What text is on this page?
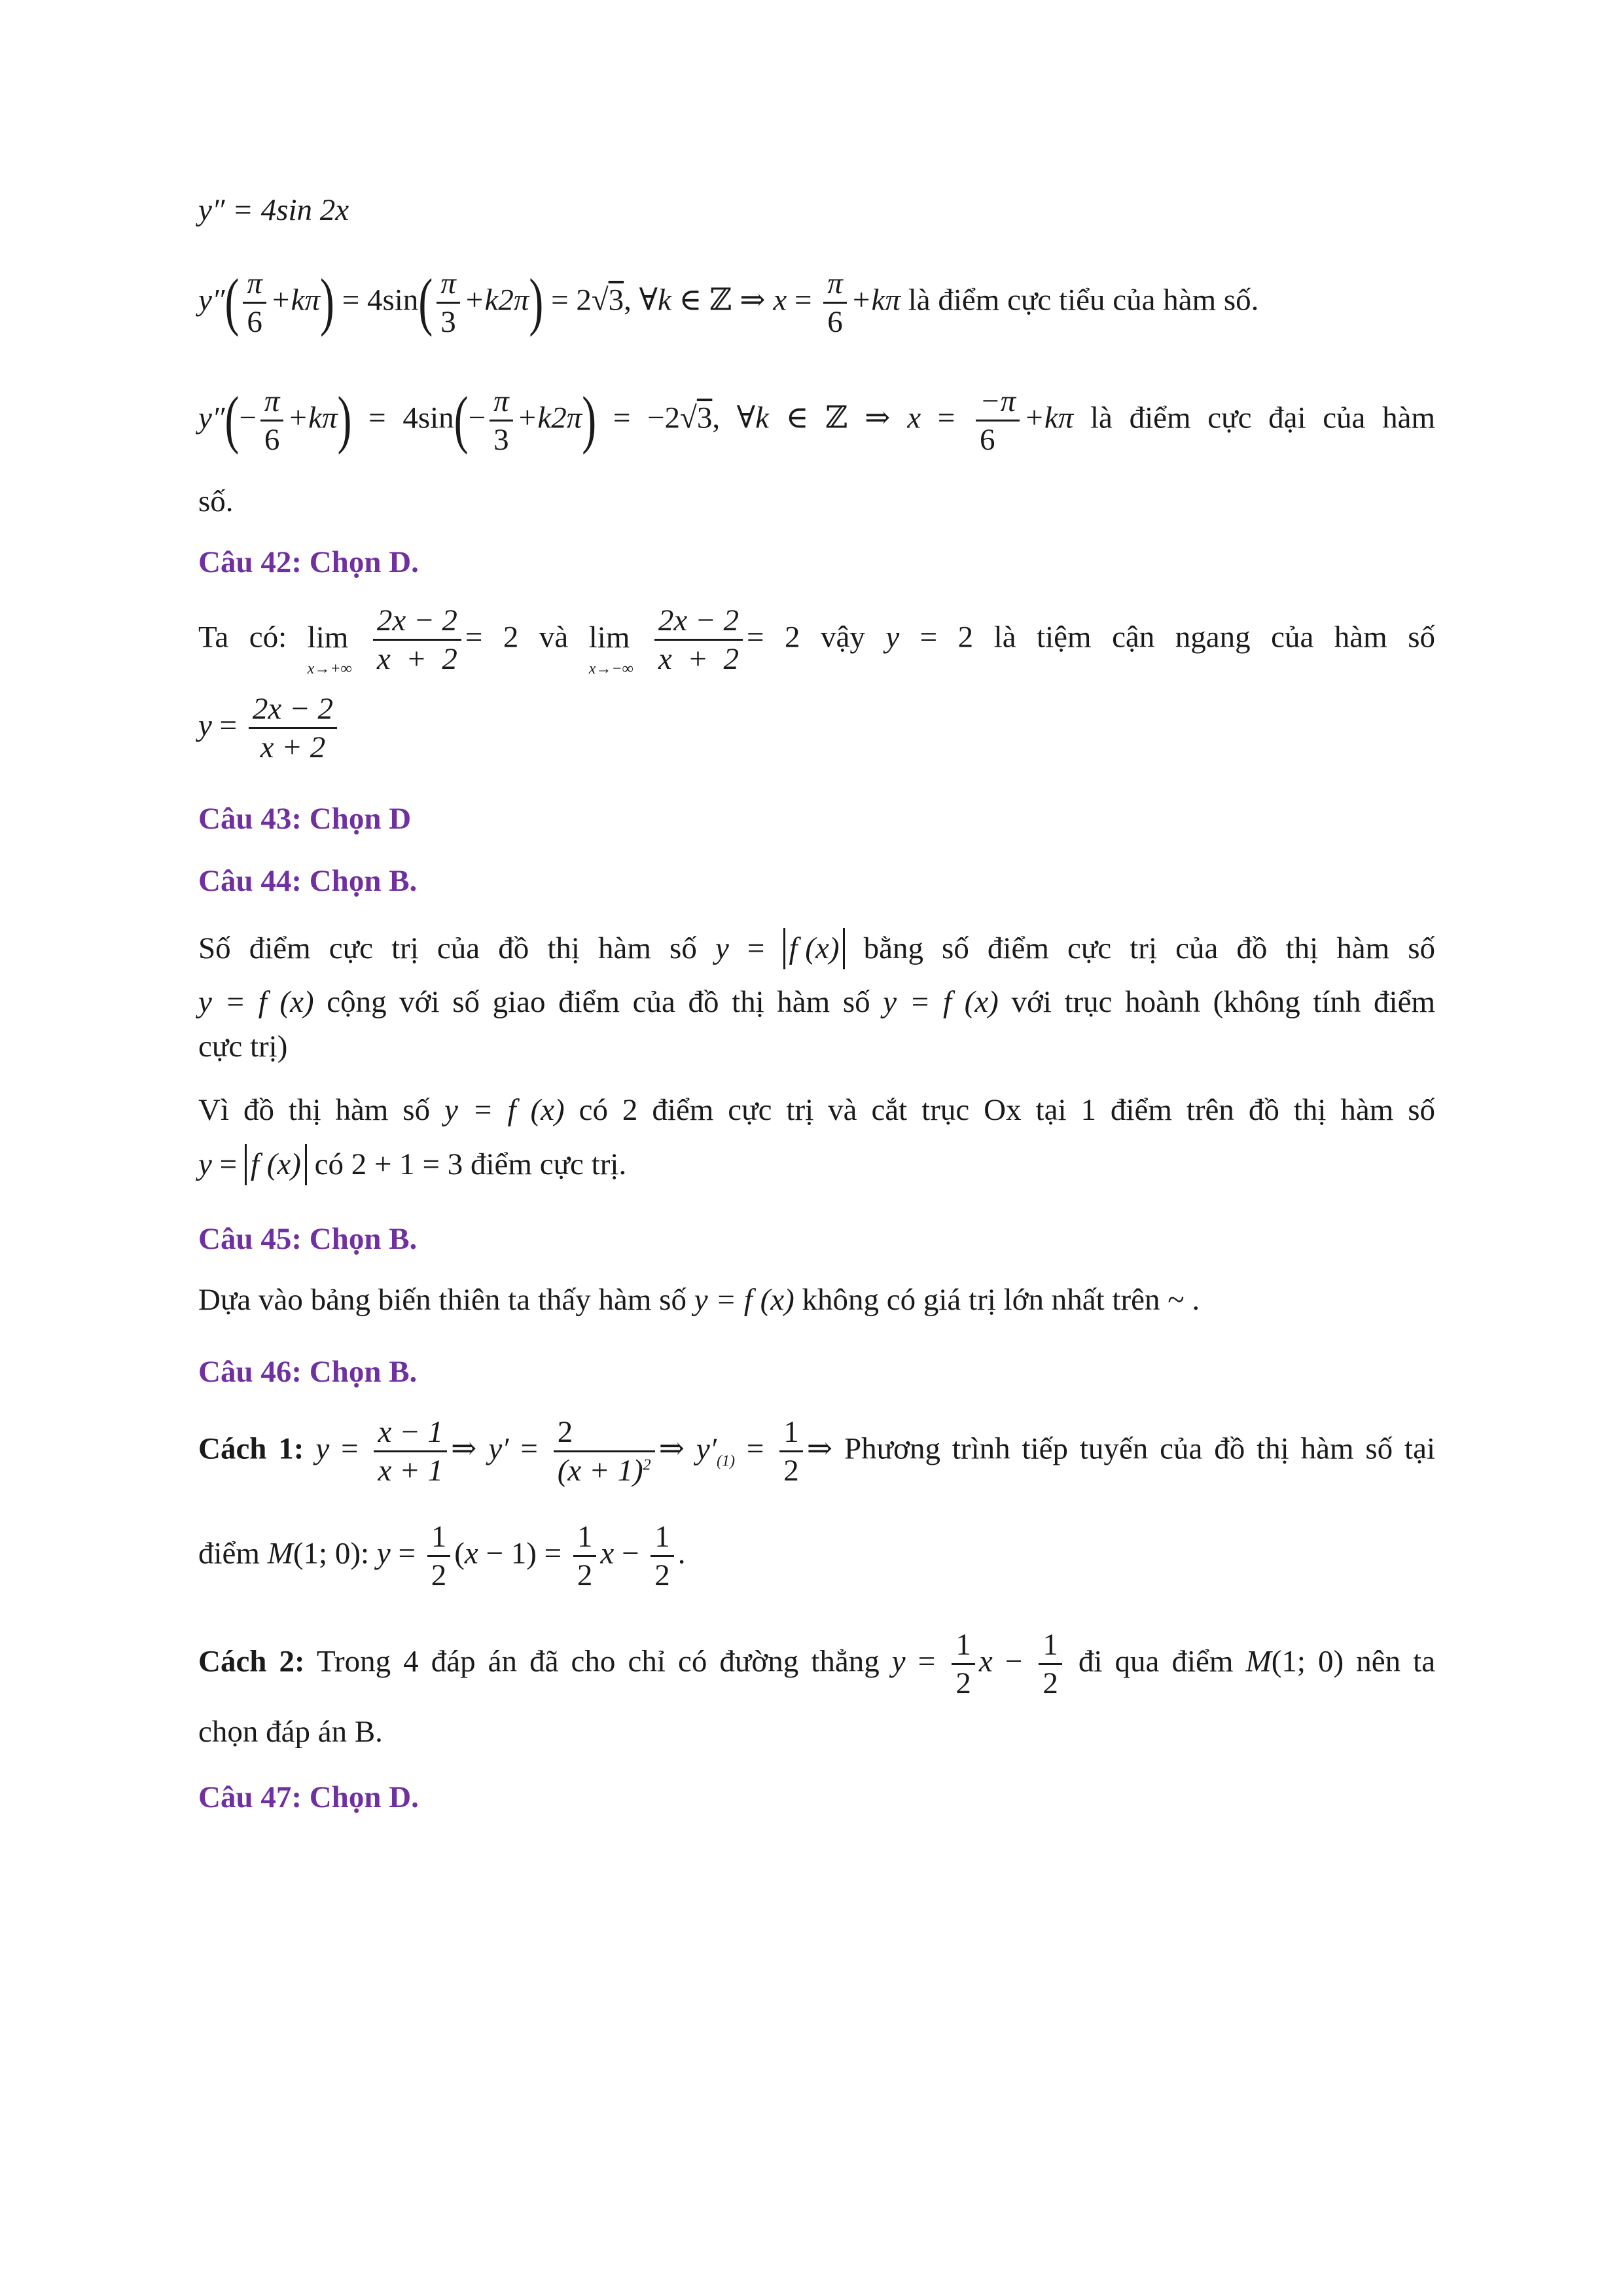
y″ = 4sin 2x
$y''( \frac{\pi}{6} +k\pi) = 4\sin( \frac{\pi}{3} +k2\pi) = 2√3$, ∀k ∈ ℤ ⇒ $x = \frac{\pi}{6} +k\pi$ là điểm cực tiểu của hàm số.
$y''(- \frac{\pi}{6} +k\pi) = 4\sin(- \frac{\pi}{3} +k2\pi) = -2√3$, ∀k ∈ ℤ ⇒ $x = \frac{-\pi}{6} +k\pi$ là điểm cực đại của hàm
số.
Câu 42: Chọn D.
Ta có: lim
x→+∞
$\frac{2x - 2}{x + 2} = 2$ và lim
x→−∞
$\frac{2x - 2}{x + 2} = 2$ vậy y = 2 là tiệm cận ngang của hàm số
$y = \frac{2x - 2}{x + 2}$
Câu 43: Chọn D
Câu 44: Chọn B.
Số điểm cực trị của đồ thị hàm số y = f (x) bằng số điểm cực trị của đồ thị hàm số
y = f (x) cộng với số giao điểm của đồ thị hàm số y = f (x) với trục hoành (không tính điểm
cực trị)
Vì đồ thị hàm số y = f (x) có 2 điểm cực trị và cắt trục Ox tại 1 điểm trên đồ thị hàm số
y = f (x) có 2 + 1 = 3 điểm cực trị.
Câu 45: Chọn B.
Dựa vào bảng biến thiên ta thấy hàm số y = f (x) không có giá trị lớn nhất trên ~ .
Câu 46: Chọn B.
Cách 1: $y = \frac{x - 1}{x + 1}$ ⇒ $y' = \frac{2}{(x + 1)^2}$ ⇒ $y'_{(1)} = \frac{1}{2}$ ⇒ Phương trình tiếp tuyến của đồ thị hàm số tại
điểm M(1; 0): $y = \frac{1}{2} (x - 1) = \frac{1}{2}$ $x - \frac{1}{2}$ .
Cách 2: Trong 4 đáp án đã cho chỉ có đường thẳng $y = \frac{1}{2}$ $x - \frac{1}{2}$ đi qua điểm M(1; 0) nên ta
chọn đáp án B.
Câu 47: Chọn D.
